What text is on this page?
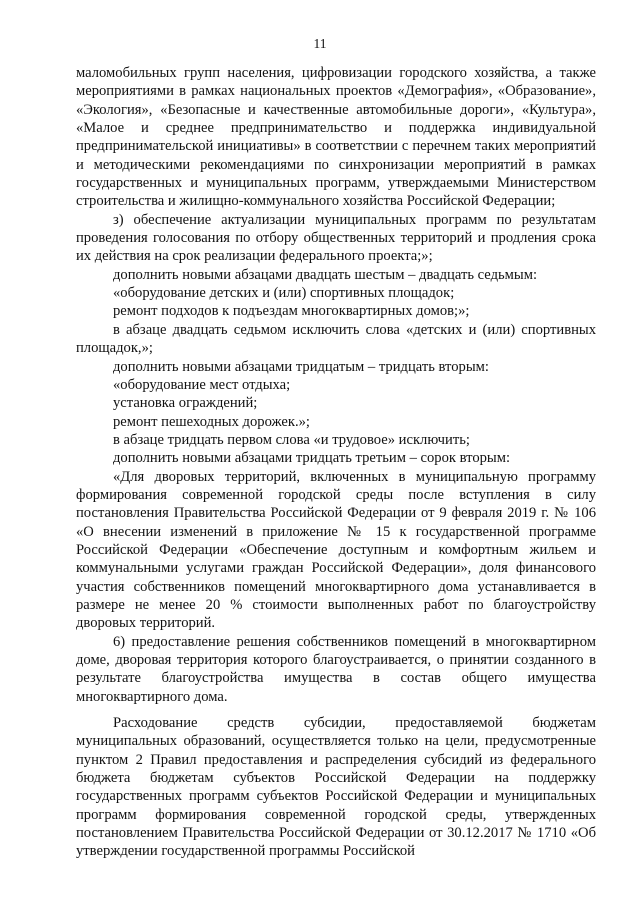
11

маломобильных групп населения, цифровизации городского хозяйства, а также мероприятиями в рамках национальных проектов «Демография», «Образование», «Экология», «Безопасные и качественные автомобильные дороги», «Культура», «Малое и среднее предпринимательство и поддержка индивидуальной предпринимательской инициативы» в соответствии с перечнем таких мероприятий и методическими рекомендациями по синхронизации мероприятий в рамках государственных и муниципальных программ, утверждаемыми Министерством строительства и жилищно-коммунального хозяйства Российской Федерации;

з) обеспечение актуализации муниципальных программ по результатам проведения голосования по отбору общественных территорий и продления срока их действия на срок реализации федерального проекта;»;

дополнить новыми абзацами двадцать шестым – двадцать седьмым:

«оборудование детских и (или) спортивных площадок;

ремонт подходов к подъездам многоквартирных домов;»;

в абзаце двадцать седьмом исключить слова «детских и (или) спортивных площадок,»;

дополнить новыми абзацами тридцатым – тридцать вторым:

«оборудование мест отдыха;

установка ограждений;

ремонт пешеходных дорожек.»;

в абзаце тридцать первом слова «и трудовое» исключить;

дополнить новыми абзацами тридцать третьим – сорок вторым:

«Для дворовых территорий, включенных в муниципальную программу формирования современной городской среды после вступления в силу постановления Правительства Российской Федерации от 9 февраля 2019 г. № 106 «О внесении изменений в приложение № 15 к государственной программе Российской Федерации «Обеспечение доступным и комфортным жильем и коммунальными услугами граждан Российской Федерации», доля финансового участия собственников помещений многоквартирного дома устанавливается в размере не менее 20 % стоимости выполненных работ по благоустройству дворовых территорий.

6) предоставление решения собственников помещений в многоквартирном доме, дворовая территория которого благоустраивается, о принятии созданного в результате благоустройства имущества в состав общего имущества многоквартирного дома.

Расходование средств субсидии, предоставляемой бюджетам муниципальных образований, осуществляется только на цели, предусмотренные пунктом 2 Правил предоставления и распределения субсидий из федерального бюджета бюджетам субъектов Российской Федерации на поддержку государственных программ субъектов Российской Федерации и муниципальных программ формирования современной городской среды, утвержденных постановлением Правительства Российской Федерации от 30.12.2017 № 1710 «Об утверждении государственной программы Российской
